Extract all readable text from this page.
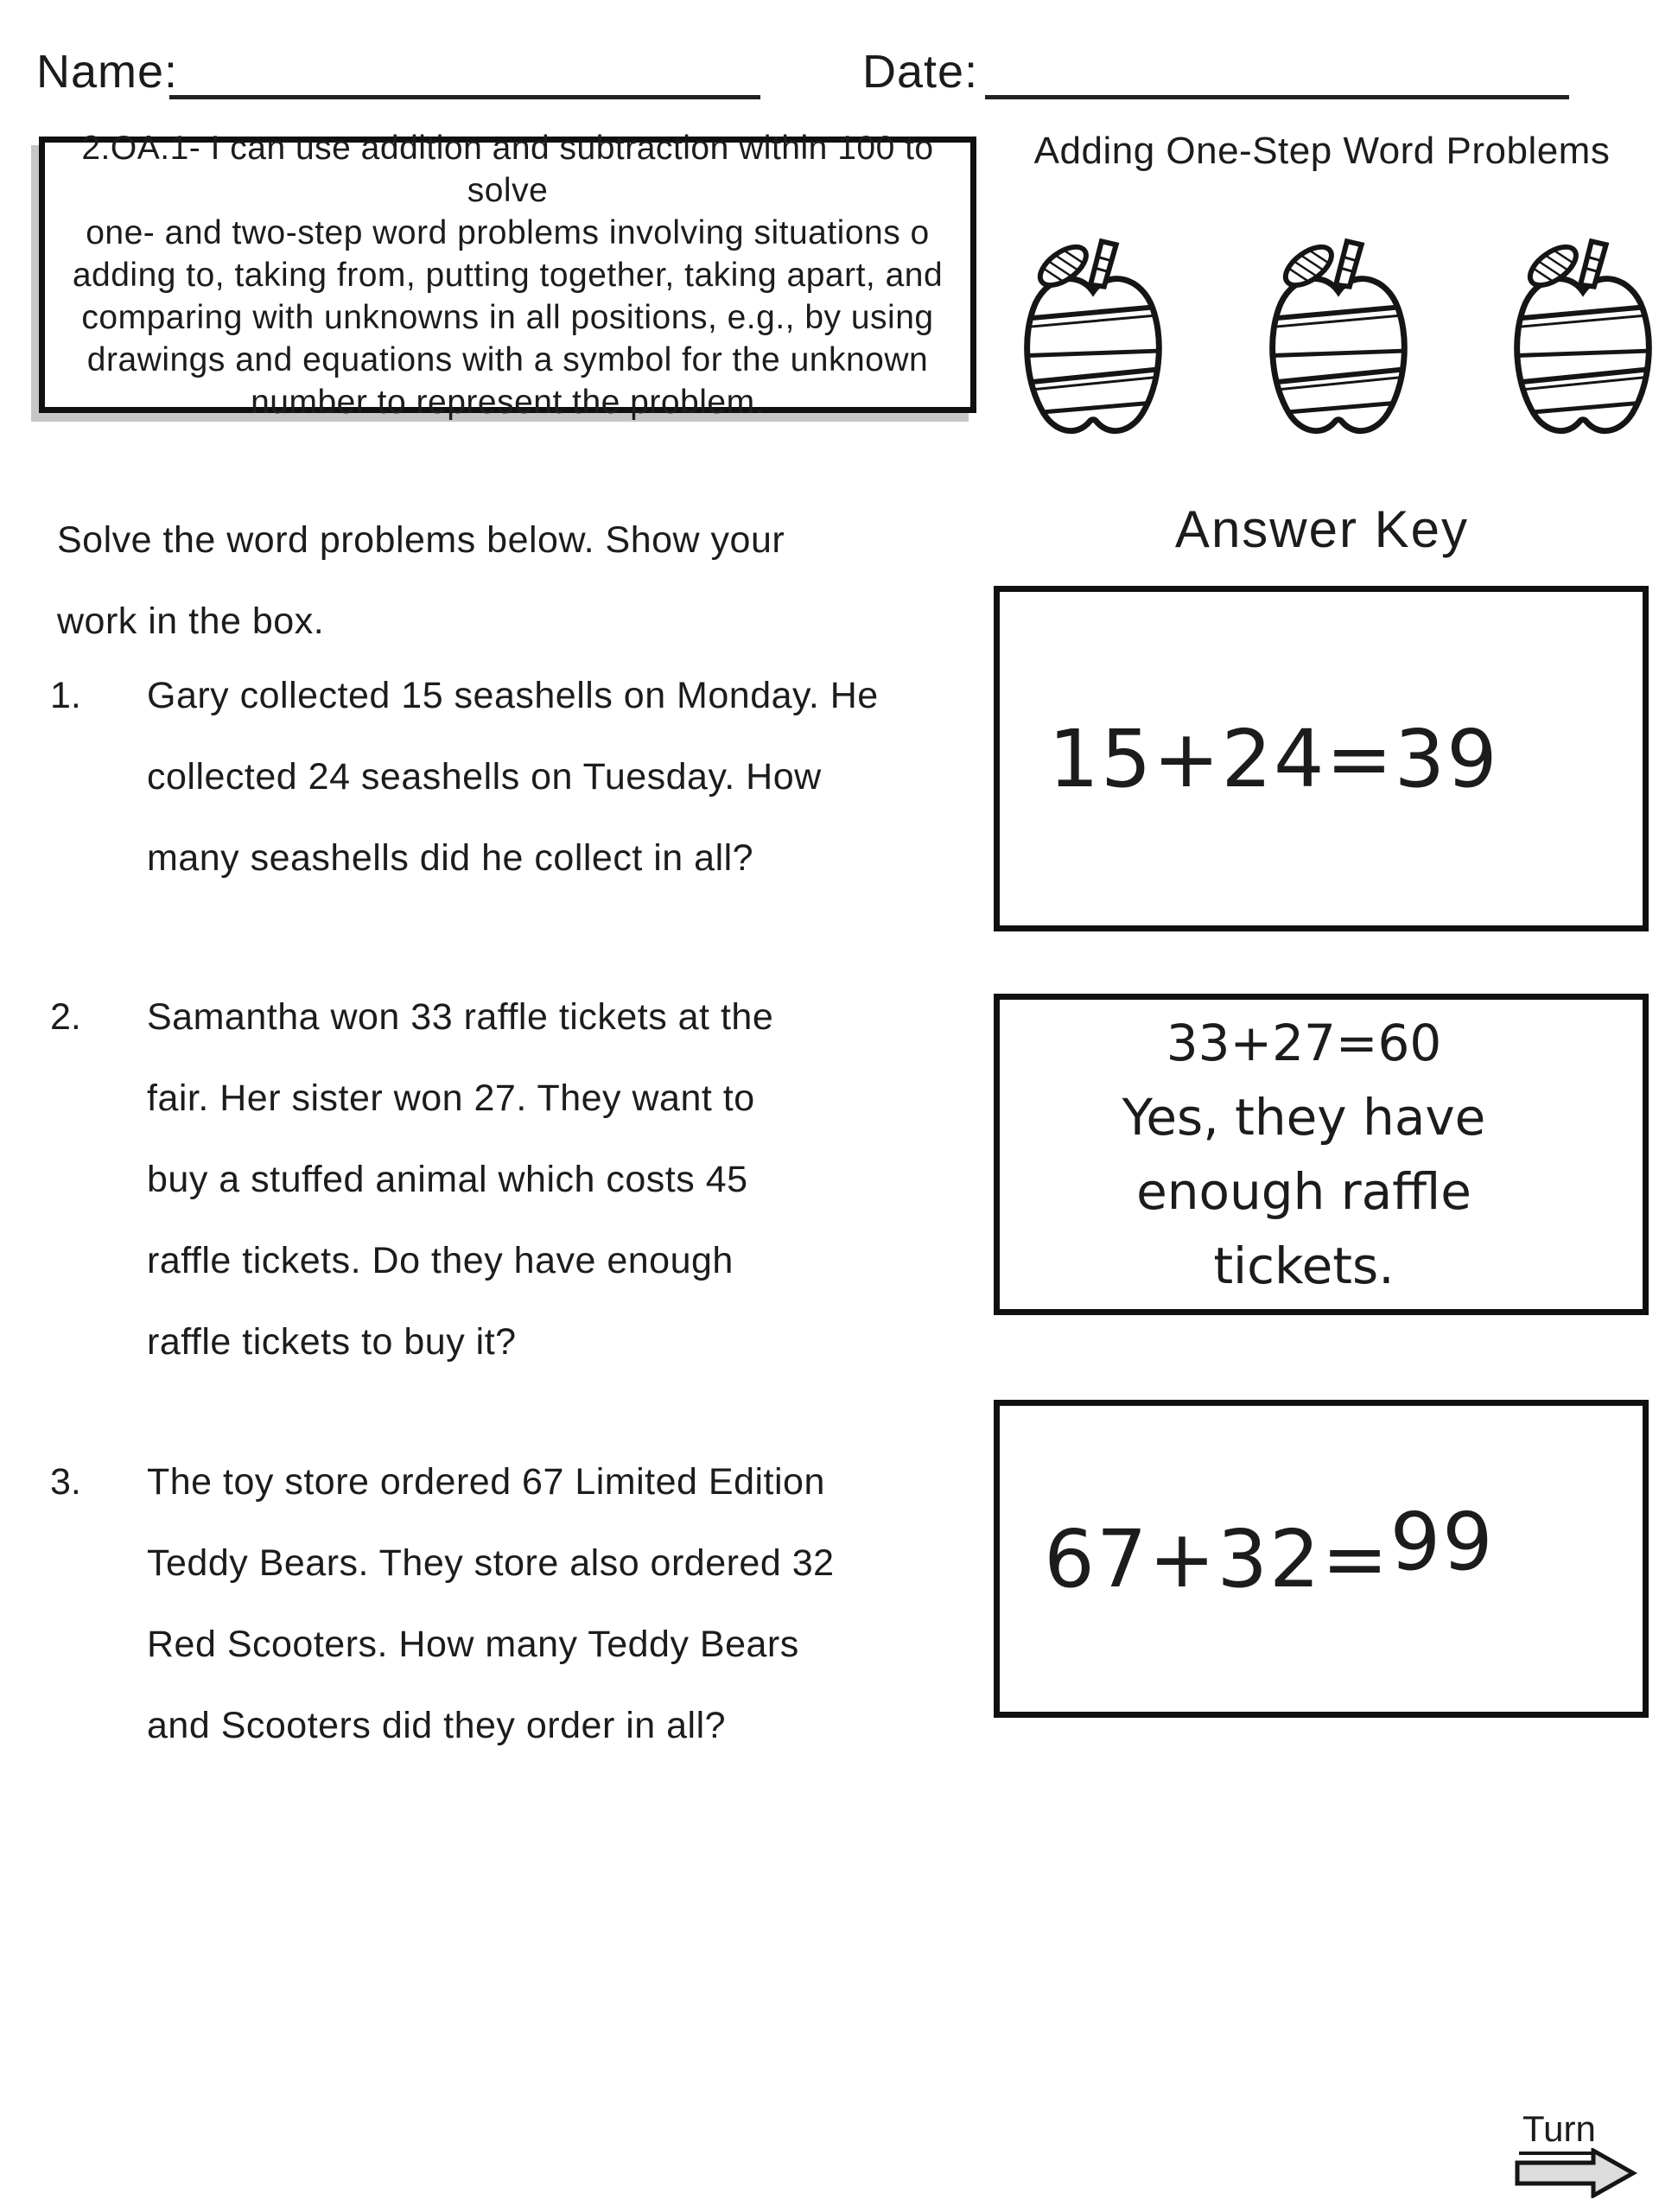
Name:	Date:
2.OA.1- I can use addition and subtraction within 100 to solve
one- and two-step word problems involving situations o
adding to, taking from, putting together, taking apart, and
comparing with unknowns in all positions, e.g., by using
drawings and equations with a symbol for the unknown
number to represent the problem.
Adding One-Step Word Problems
Answer Key
Solve the word problems below. Show your
work in the box.
1.	Gary collected 15 seashells on Monday. He
collected 24 seashells on Tuesday. How
many seashells did he collect in all?
15+24=39
2.	Samantha won 33 raffle tickets at the
fair. Her sister won 27. They want to
buy a stuffed animal which costs 45
raffle tickets. Do they have enough
raffle tickets to buy it?
33+27=60
Yes, they have
enough raffle
tickets.
3.	The toy store ordered 67 Limited Edition
Teddy Bears. They store also ordered 32
Red Scooters. How many Teddy Bears
and Scooters did they order in all?
67+32=99
Turn
